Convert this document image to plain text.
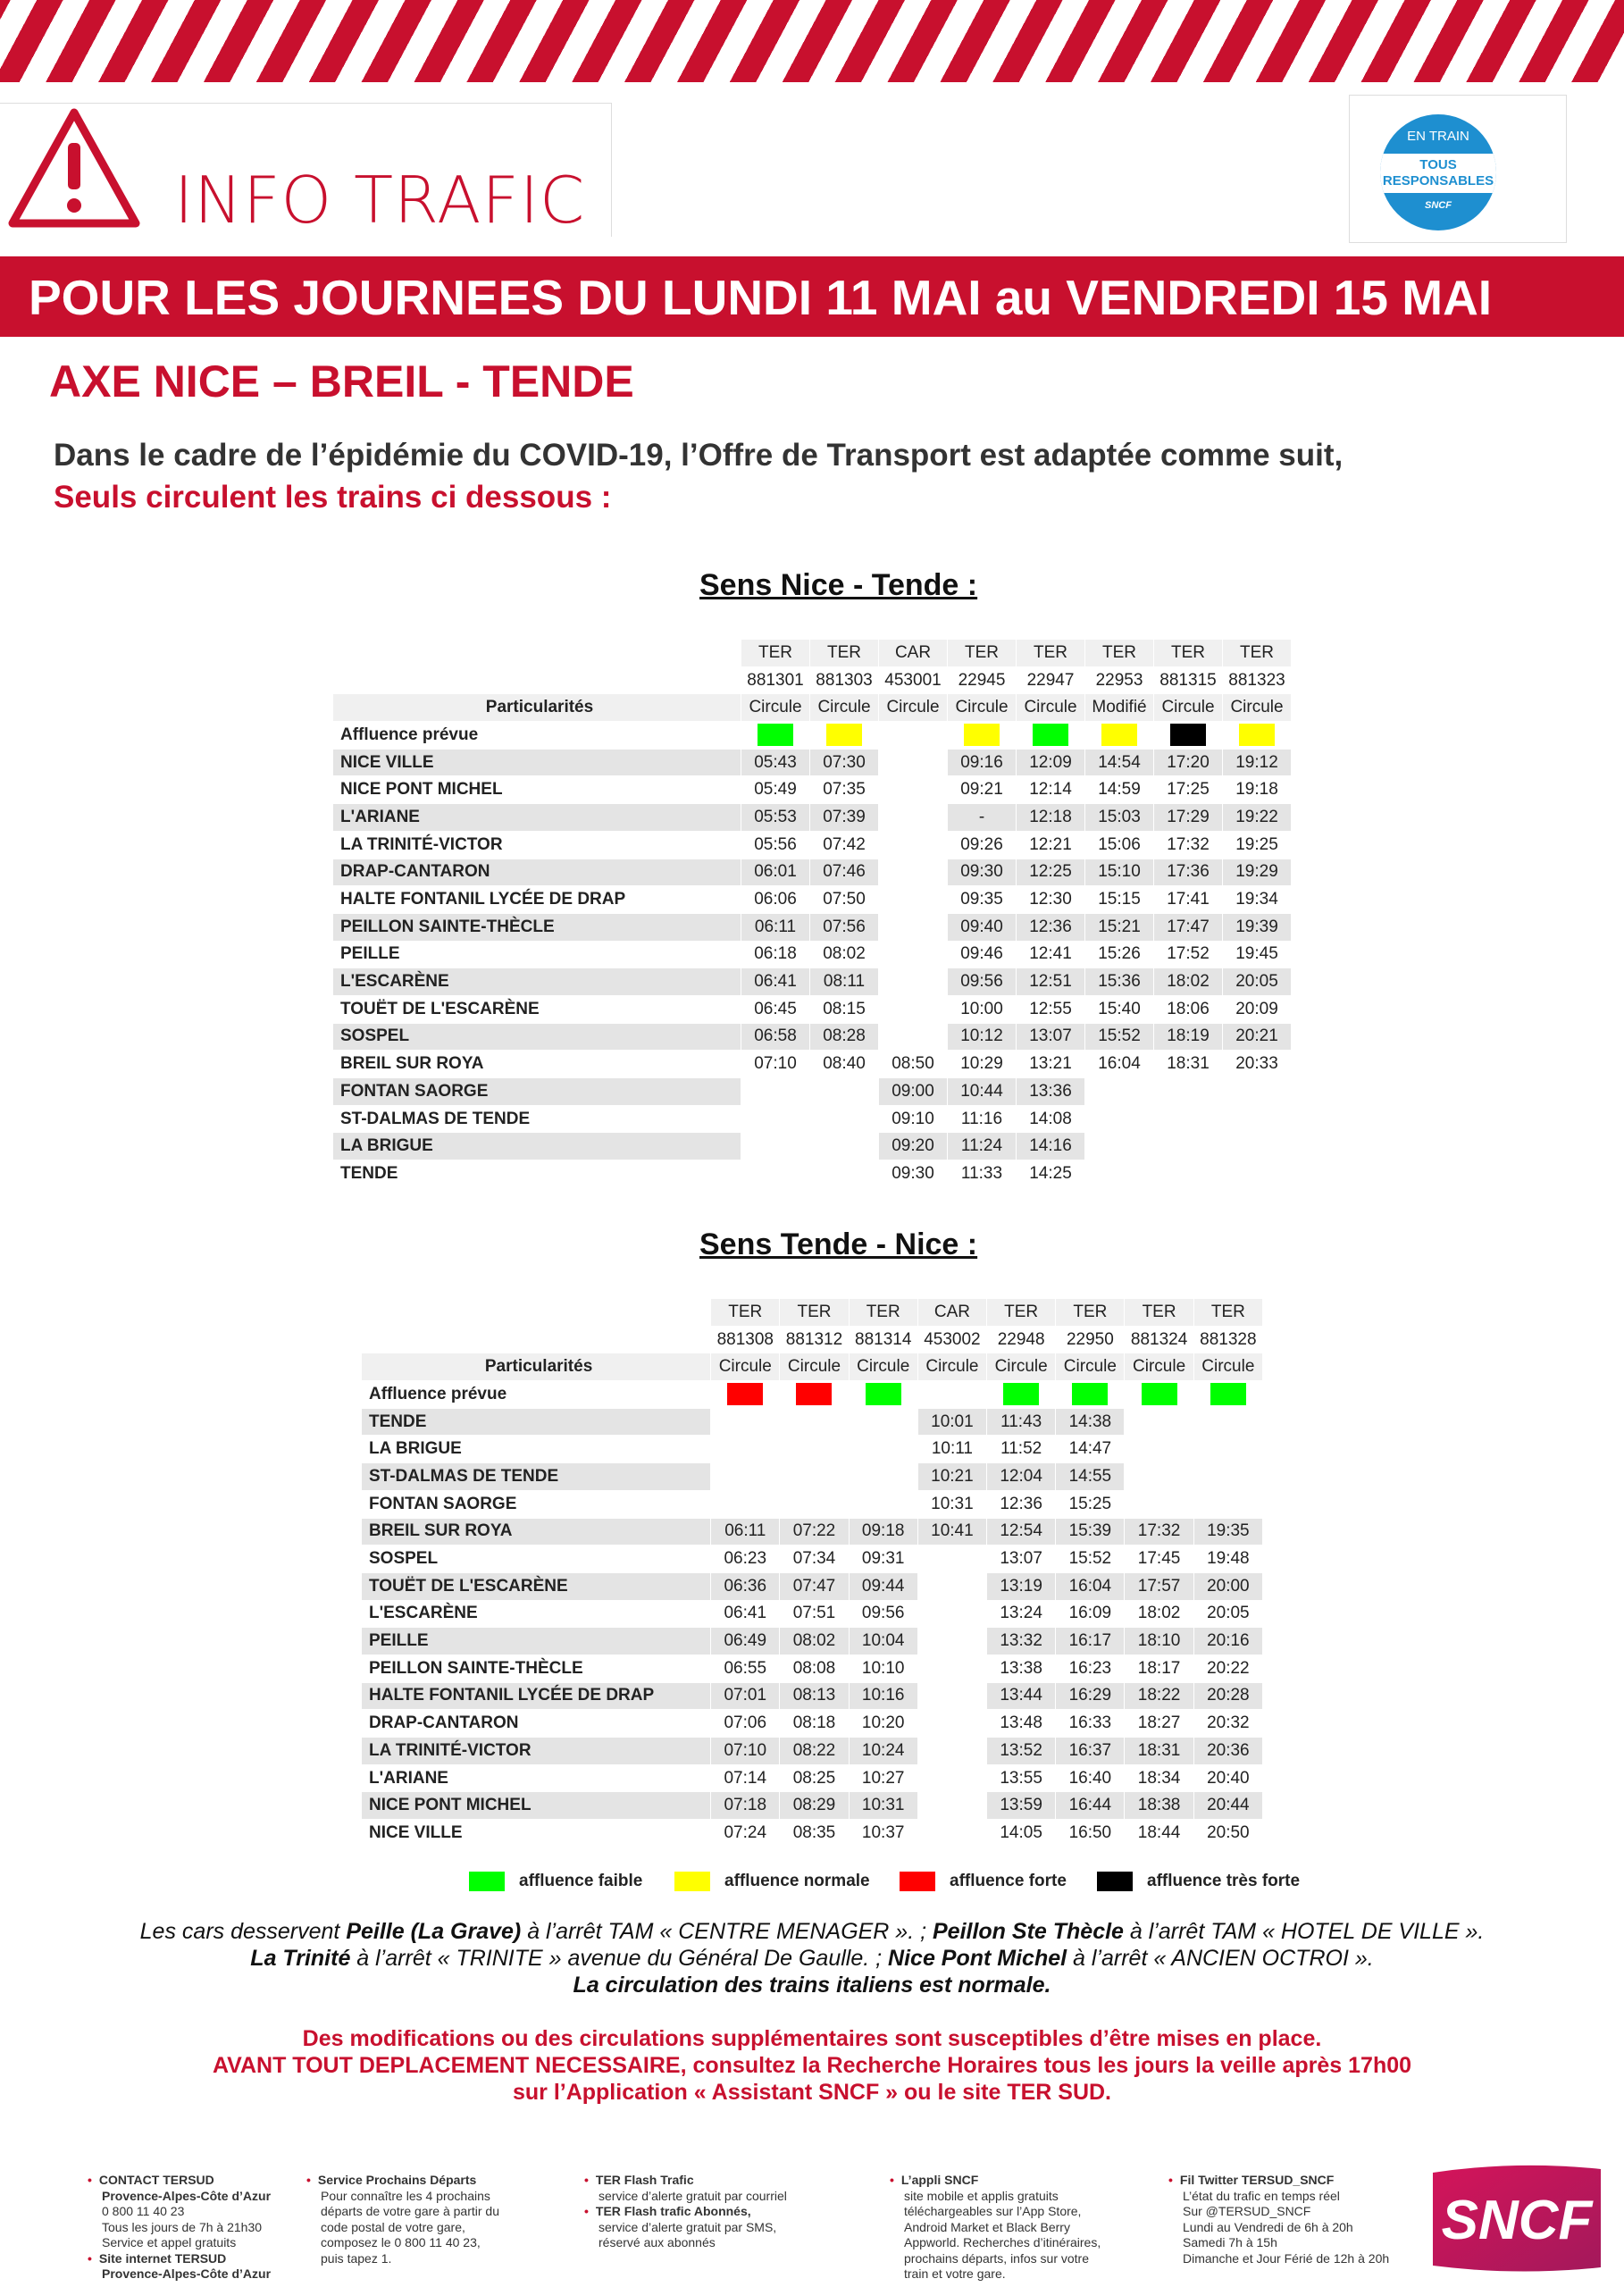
INFO TRAFIC
EN TRAIN
TOUS RESPONSABLES
SNCF
POUR LES JOURNEES DU LUNDI 11 MAI au VENDREDI 15 MAI
AXE NICE – BREIL - TENDE
Dans le cadre de l’épidémie du COVID-19, l’Offre de Transport est adaptée comme suit,
Seuls circulent les trains ci dessous :
Sens Nice - Tende :
	TER	TER	CAR	TER	TER	TER	TER	TER
	881301	881303	453001	22945	22947	22953	881315	881323
Particularités	Circule	Circule	Circule	Circule	Circule	Modifié	Circule	Circule
Affluence prévue								
NICE VILLE	05:43	07:30		09:16	12:09	14:54	17:20	19:12
NICE PONT MICHEL	05:49	07:35		09:21	12:14	14:59	17:25	19:18
L'ARIANE	05:53	07:39		-	12:18	15:03	17:29	19:22
LA TRINITÉ-VICTOR	05:56	07:42		09:26	12:21	15:06	17:32	19:25
DRAP-CANTARON	06:01	07:46		09:30	12:25	15:10	17:36	19:29
HALTE FONTANIL LYCÉE DE DRAP	06:06	07:50		09:35	12:30	15:15	17:41	19:34
PEILLON SAINTE-THÈCLE	06:11	07:56		09:40	12:36	15:21	17:47	19:39
PEILLE	06:18	08:02		09:46	12:41	15:26	17:52	19:45
L'ESCARÈNE	06:41	08:11		09:56	12:51	15:36	18:02	20:05
TOUËT DE L'ESCARÈNE	06:45	08:15		10:00	12:55	15:40	18:06	20:09
SOSPEL	06:58	08:28		10:12	13:07	15:52	18:19	20:21
BREIL SUR ROYA	07:10	08:40	08:50	10:29	13:21	16:04	18:31	20:33
FONTAN SAORGE			09:00	10:44	13:36			
ST-DALMAS DE TENDE			09:10	11:16	14:08			
LA BRIGUE			09:20	11:24	14:16			
TENDE			09:30	11:33	14:25			
Sens Tende - Nice :
	TER	TER	TER	CAR	TER	TER	TER	TER
	881308	881312	881314	453002	22948	22950	881324	881328
Particularités	Circule	Circule	Circule	Circule	Circule	Circule	Circule	Circule
Affluence prévue								
TENDE				10:01	11:43	14:38		
LA BRIGUE				10:11	11:52	14:47		
ST-DALMAS DE TENDE				10:21	12:04	14:55		
FONTAN SAORGE				10:31	12:36	15:25		
BREIL SUR ROYA	06:11	07:22	09:18	10:41	12:54	15:39	17:32	19:35
SOSPEL	06:23	07:34	09:31		13:07	15:52	17:45	19:48
TOUËT DE L'ESCARÈNE	06:36	07:47	09:44		13:19	16:04	17:57	20:00
L'ESCARÈNE	06:41	07:51	09:56		13:24	16:09	18:02	20:05
PEILLE	06:49	08:02	10:04		13:32	16:17	18:10	20:16
PEILLON SAINTE-THÈCLE	06:55	08:08	10:10		13:38	16:23	18:17	20:22
HALTE FONTANIL LYCÉE DE DRAP	07:01	08:13	10:16		13:44	16:29	18:22	20:28
DRAP-CANTARON	07:06	08:18	10:20		13:48	16:33	18:27	20:32
LA TRINITÉ-VICTOR	07:10	08:22	10:24		13:52	16:37	18:31	20:36
L'ARIANE	07:14	08:25	10:27		13:55	16:40	18:34	20:40
NICE PONT MICHEL	07:18	08:29	10:31		13:59	16:44	18:38	20:44
NICE VILLE	07:24	08:35	10:37		14:05	16:50	18:44	20:50
affluence faible	affluence normale	affluence forte	affluence très forte
Les cars desservent Peille (La Grave) à l’arrêt TAM « CENTRE MENAGER ». ; Peillon Ste Thècle à l’arrêt TAM « HOTEL DE VILLE ».
La Trinité à l’arrêt « TRINITE » avenue du Général De Gaulle. ; Nice Pont Michel à l’arrêt « ANCIEN OCTROI ».
La circulation des trains italiens est normale.
Des modifications ou des circulations supplémentaires sont susceptibles d’être mises en place.
AVANT TOUT DEPLACEMENT NECESSAIRE, consultez la Recherche Horaires tous les jours la veille après 17h00
sur l’Application « Assistant SNCF » ou le site TER SUD.
• CONTACT TERSUD
Provence-Alpes-Côte d’Azur
0 800 11 40 23
Tous les jours de 7h à 21h30
Service et appel gratuits
• Site internet TERSUD
Provence-Alpes-Côte d’Azur
• Service Prochains Départs
Pour connaître les 4 prochains
départs de votre gare à partir du
code postal de votre gare,
composez le 0 800 11 40 23,
puis tapez 1.
• TER Flash Trafic
service d’alerte gratuit par courriel
• TER Flash trafic Abonnés,
service d’alerte gratuit par SMS,
réservé aux abonnés
• L’appli SNCF
site mobile et applis gratuits
téléchargeables sur l’App Store,
Android Market et Black Berry
Appworld. Recherches d’itinéraires,
prochains départs, infos sur votre
train et votre gare.
• Fil Twitter TERSUD_SNCF
L’état du trafic en temps réel
Sur @TERSUD_SNCF
Lundi au Vendredi de 6h à 20h
Samedi 7h à 15h
Dimanche et Jour Férié de 12h à 20h
SNCF
